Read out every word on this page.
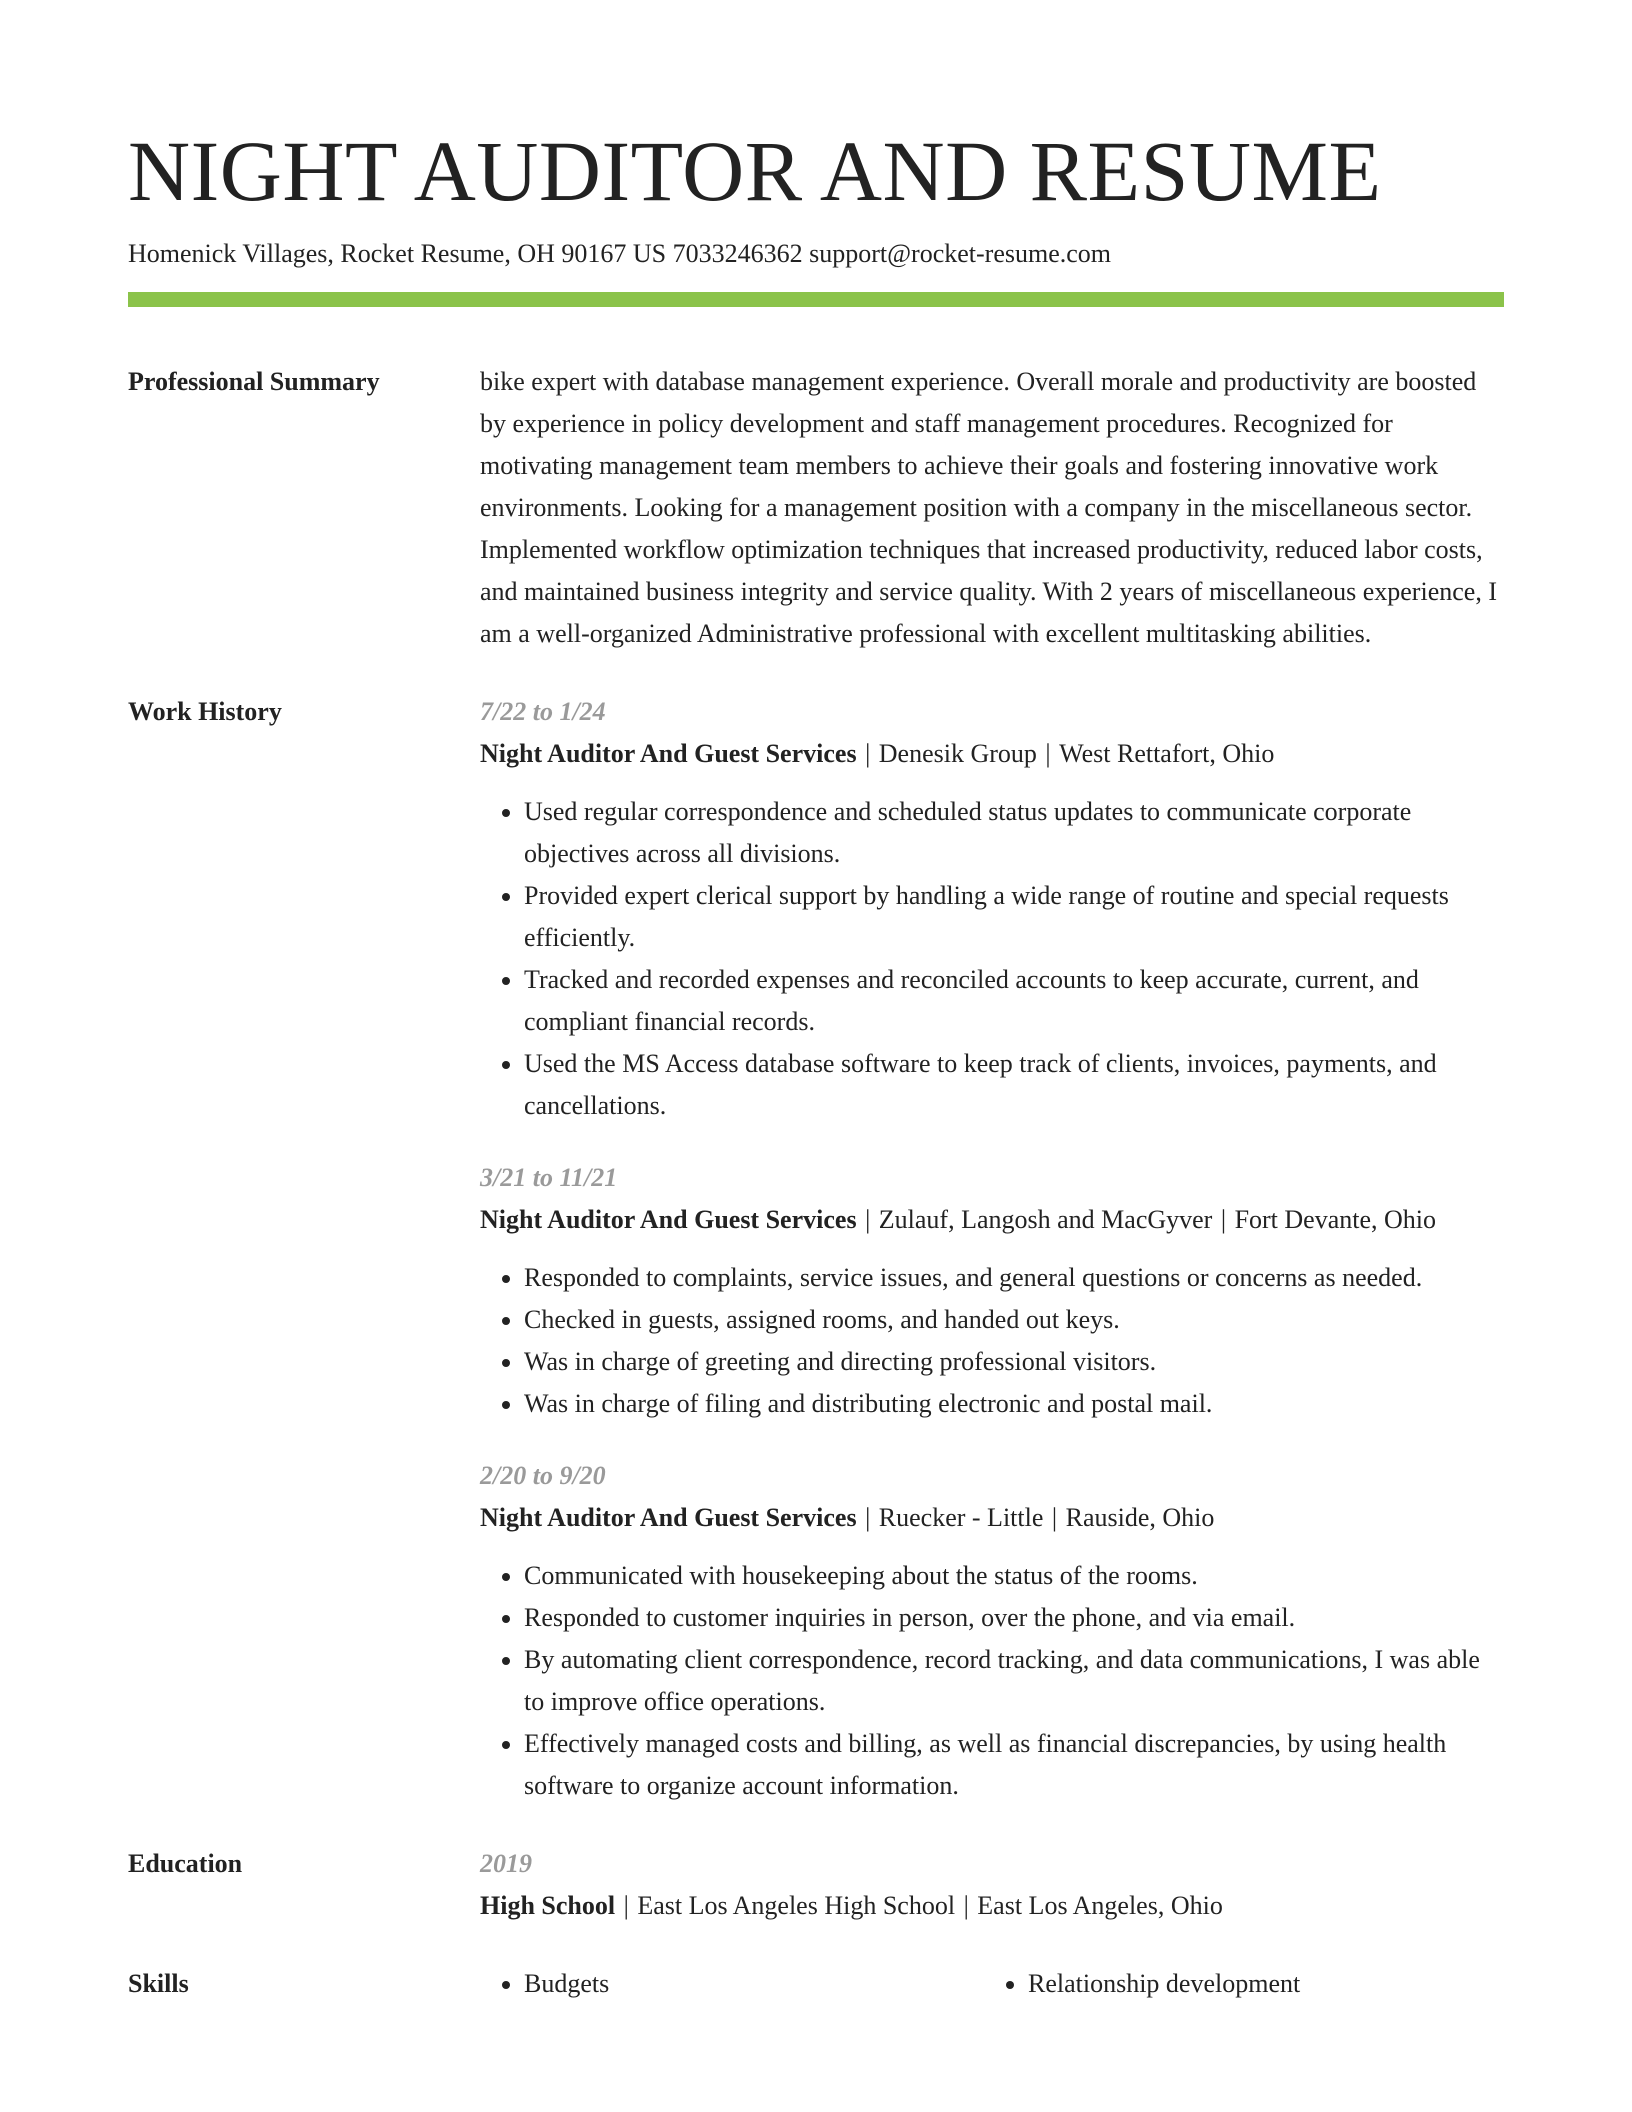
NIGHT AUDITOR AND RESUME
Homenick Villages, Rocket Resume, OH 90167 US 7033246362 support@rocket-resume.com
Professional Summary	bike expert with database management experience. Overall morale and productivity are boosted by experience in policy development and staff management procedures. Recognized for motivating management team members to achieve their goals and fostering innovative work environments. Looking for a management position with a company in the miscellaneous sector. Implemented workflow optimization techniques that increased productivity, reduced labor costs, and maintained business integrity and service quality. With 2 years of miscellaneous experience, I am a well-organized Administrative professional with excellent multitasking abilities.

Work History	7/22 to 1/24
Night Auditor And Guest Services | Denesik Group | West Rettafort, Ohio
• Used regular correspondence and scheduled status updates to communicate corporate objectives across all divisions.
• Provided expert clerical support by handling a wide range of routine and special requests efficiently.
• Tracked and recorded expenses and reconciled accounts to keep accurate, current, and compliant financial records.
• Used the MS Access database software to keep track of clients, invoices, payments, and cancellations.
3/21 to 11/21
Night Auditor And Guest Services | Zulauf, Langosh and MacGyver | Fort Devante, Ohio
• Responded to complaints, service issues, and general questions or concerns as needed.
• Checked in guests, assigned rooms, and handed out keys.
• Was in charge of greeting and directing professional visitors.
• Was in charge of filing and distributing electronic and postal mail.
2/20 to 9/20
Night Auditor And Guest Services | Ruecker - Little | Rauside, Ohio
• Communicated with housekeeping about the status of the rooms.
• Responded to customer inquiries in person, over the phone, and via email.
• By automating client correspondence, record tracking, and data communications, I was able to improve office operations.
• Effectively managed costs and billing, as well as financial discrepancies, by using health software to organize account information.
Education	2019
High School | East Los Angeles High School | East Los Angeles, Ohio
Skills	• Budgets	• Relationship development
